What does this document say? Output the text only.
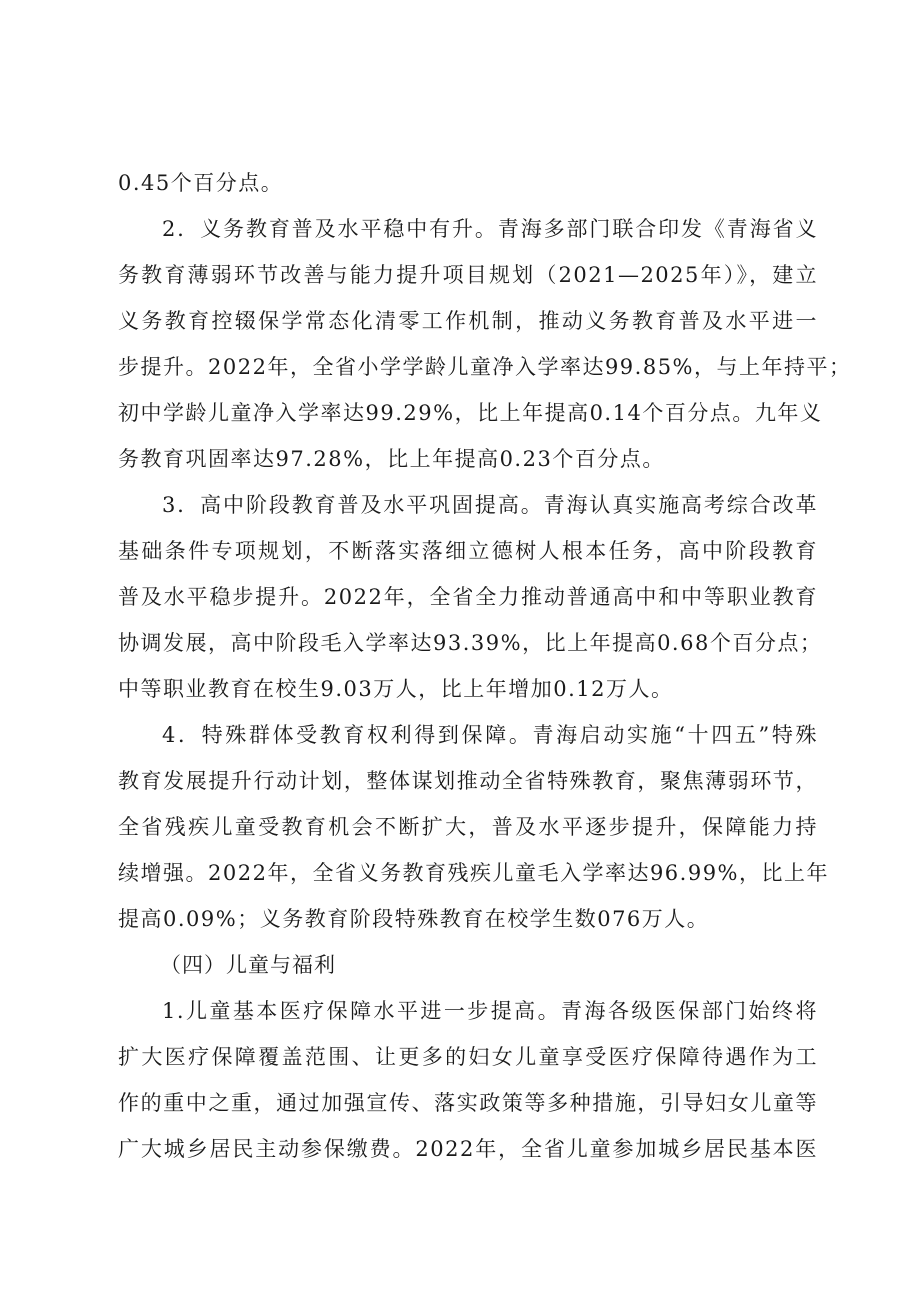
0.45个百分点。
2．义务教育普及水平稳中有升。青海多部门联合印发《青海省义
务教育薄弱环节改善与能力提升项目规划（2021—2025年）》，建立
义务教育控辍保学常态化清零工作机制，推动义务教育普及水平进一
步提升。2022年，全省小学学龄儿童净入学率达99.85%，与上年持平；
初中学龄儿童净入学率达99.29%，比上年提高0.14个百分点。九年义
务教育巩固率达97.28%，比上年提高0.23个百分点。
3．高中阶段教育普及水平巩固提高。青海认真实施高考综合改革
基础条件专项规划，不断落实落细立德树人根本任务，高中阶段教育
普及水平稳步提升。2022年，全省全力推动普通高中和中等职业教育
协调发展，高中阶段毛入学率达93.39%，比上年提高0.68个百分点；
中等职业教育在校生9.03万人，比上年增加0.12万人。
4．特殊群体受教育权利得到保障。青海启动实施“十四五”特殊
教育发展提升行动计划，整体谋划推动全省特殊教育，聚焦薄弱环节，
全省残疾儿童受教育机会不断扩大，普及水平逐步提升，保障能力持
续增强。2022年，全省义务教育残疾儿童毛入学率达96.99%，比上年
提高0.09%；义务教育阶段特殊教育在校学生数076万人。
（四）儿童与福利
1.儿童基本医疗保障水平进一步提高。青海各级医保部门始终将
扩大医疗保障覆盖范围、让更多的妇女儿童享受医疗保障待遇作为工
作的重中之重，通过加强宣传、落实政策等多种措施，引导妇女儿童等
广大城乡居民主动参保缴费。2022年，全省儿童参加城乡居民基本医
